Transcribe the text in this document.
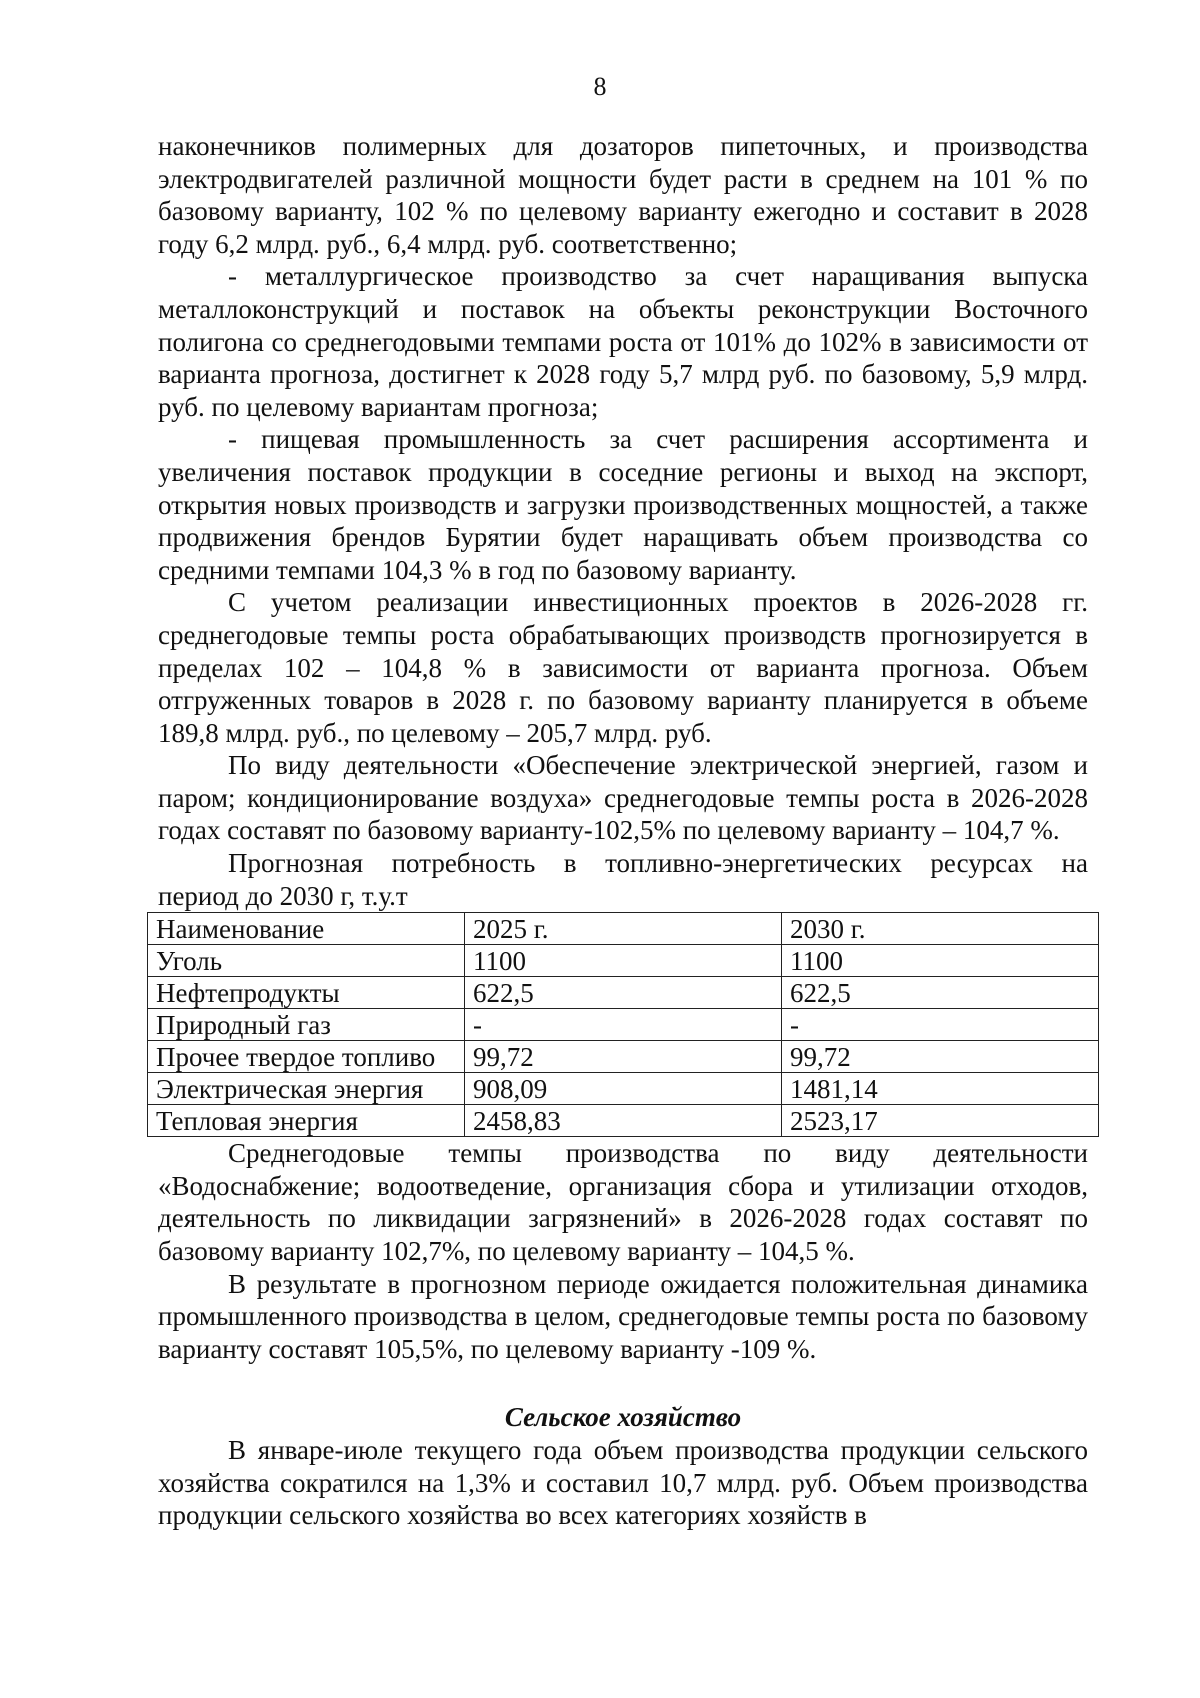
8

наконечников полимерных для дозаторов пипеточных, и производства электродвигателей различной мощности будет расти в среднем на 101 % по базовому варианту, 102 % по целевому варианту ежегодно и составит в 2028 году 6,2 млрд. руб., 6,4 млрд. руб. соответственно;

- металлургическое производство за счет наращивания выпуска металлоконструкций и поставок на объекты реконструкции Восточного полигона со среднегодовыми темпами роста от 101% до 102% в зависимости от варианта прогноза, достигнет к 2028 году 5,7 млрд руб. по базовому, 5,9 млрд. руб. по целевому вариантам прогноза;

- пищевая промышленность за счет расширения ассортимента и увеличения поставок продукции в соседние регионы и выход на экспорт, открытия новых производств и загрузки производственных мощностей, а также продвижения брендов Бурятии будет наращивать объем производства со средними темпами 104,3 % в год по базовому варианту.

С учетом реализации инвестиционных проектов в 2026-2028 гг. среднегодовые темпы роста обрабатывающих производств прогнозируется в пределах 102 – 104,8 % в зависимости от варианта прогноза. Объем отгруженных товаров в 2028 г. по базовому варианту планируется в объеме 189,8 млрд. руб., по целевому – 205,7 млрд. руб.

По виду деятельности «Обеспечение электрической энергией, газом и паром; кондиционирование воздуха» среднегодовые темпы роста в 2026-2028 годах составят по базовому варианту-102,5% по целевому варианту – 104,7 %.

Прогнозная потребность в топливно-энергетических ресурсах на
период до 2030 г, т.у.т
Наименование	2025 г.	2030 г.
Уголь	1100	1100
Нефтепродукты	622,5	622,5
Природный газ	-	-
Прочее твердое топливо	99,72	99,72
Электрическая энергия	908,09	1481,14
Тепловая энергия	2458,83	2523,17

Среднегодовые темпы производства по виду деятельности «Водоснабжение; водоотведение, организация сбора и утилизации отходов, деятельность по ликвидации загрязнений» в 2026-2028 годах составят по базовому варианту 102,7%, по целевому варианту – 104,5 %.

В результате в прогнозном периоде ожидается положительная динамика промышленного производства в целом, среднегодовые темпы роста по базовому варианту составят 105,5%, по целевому варианту -109 %.

Сельское хозяйство

В январе-июле текущего года объем производства продукции сельского хозяйства сократился на 1,3% и составил 10,7 млрд. руб. Объем производства продукции сельского хозяйства во всех категориях хозяйств в
